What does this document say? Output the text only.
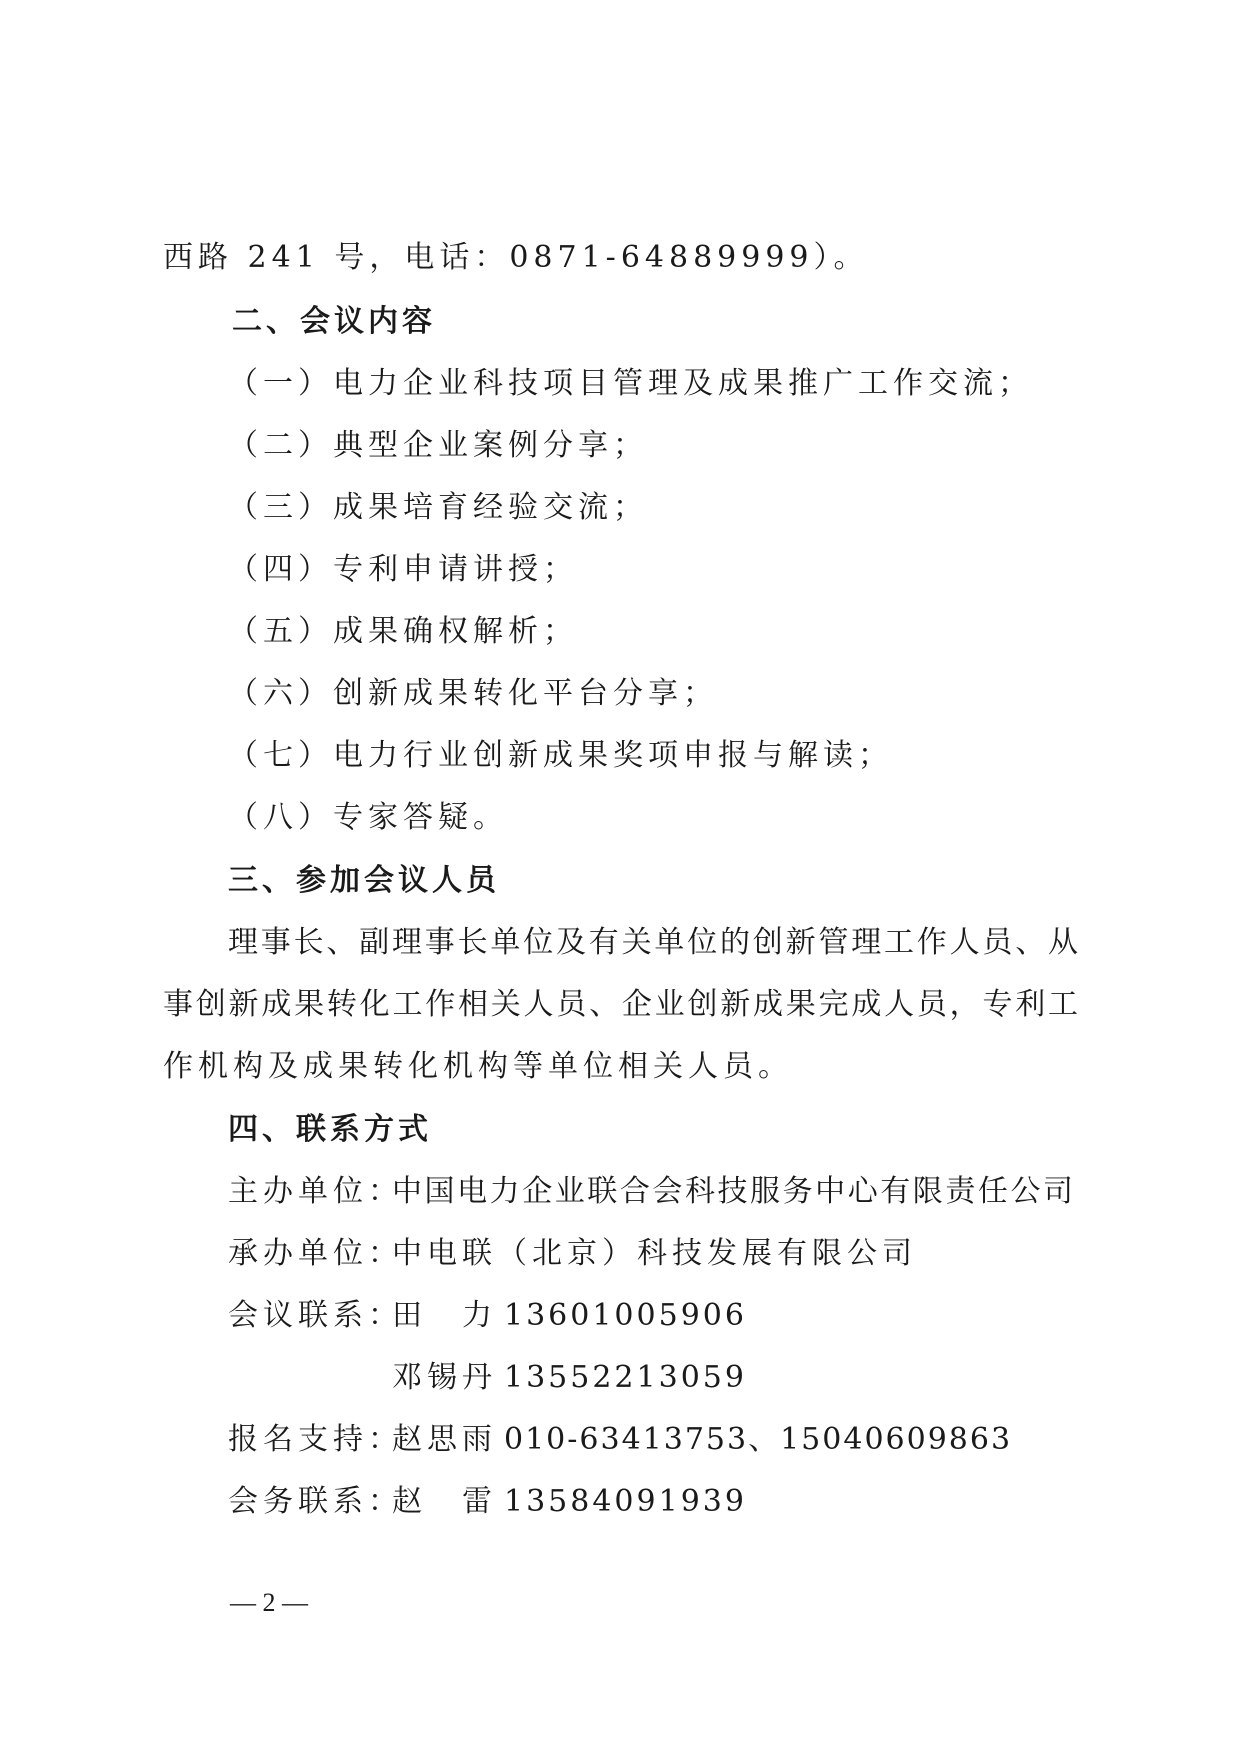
西路 241 号，电话：0871-64889999）。
二、会议内容
（一）电力企业科技项目管理及成果推广工作交流；
（二）典型企业案例分享；
（三）成果培育经验交流；
（四）专利申请讲授；
（五）成果确权解析；
（六）创新成果转化平台分享；
（七）电力行业创新成果奖项申报与解读；
（八）专家答疑。
三、参加会议人员
理事长、副理事长单位及有关单位的创新管理工作人员、从
事创新成果转化工作相关人员、企业创新成果完成人员，专利工
作机构及成果转化机构等单位相关人员。
四、联系方式
主办单位：
中国电力企业联合会科技服务中心有限责任公司
承办单位：
中电联（北京）科技发展有限公司
会议联系：
田　力 13601005906
邓锡丹 13552213059
报名支持：
赵思雨 010-63413753、15040609863
会务联系：
赵　雷 13584091939
— 2 —
